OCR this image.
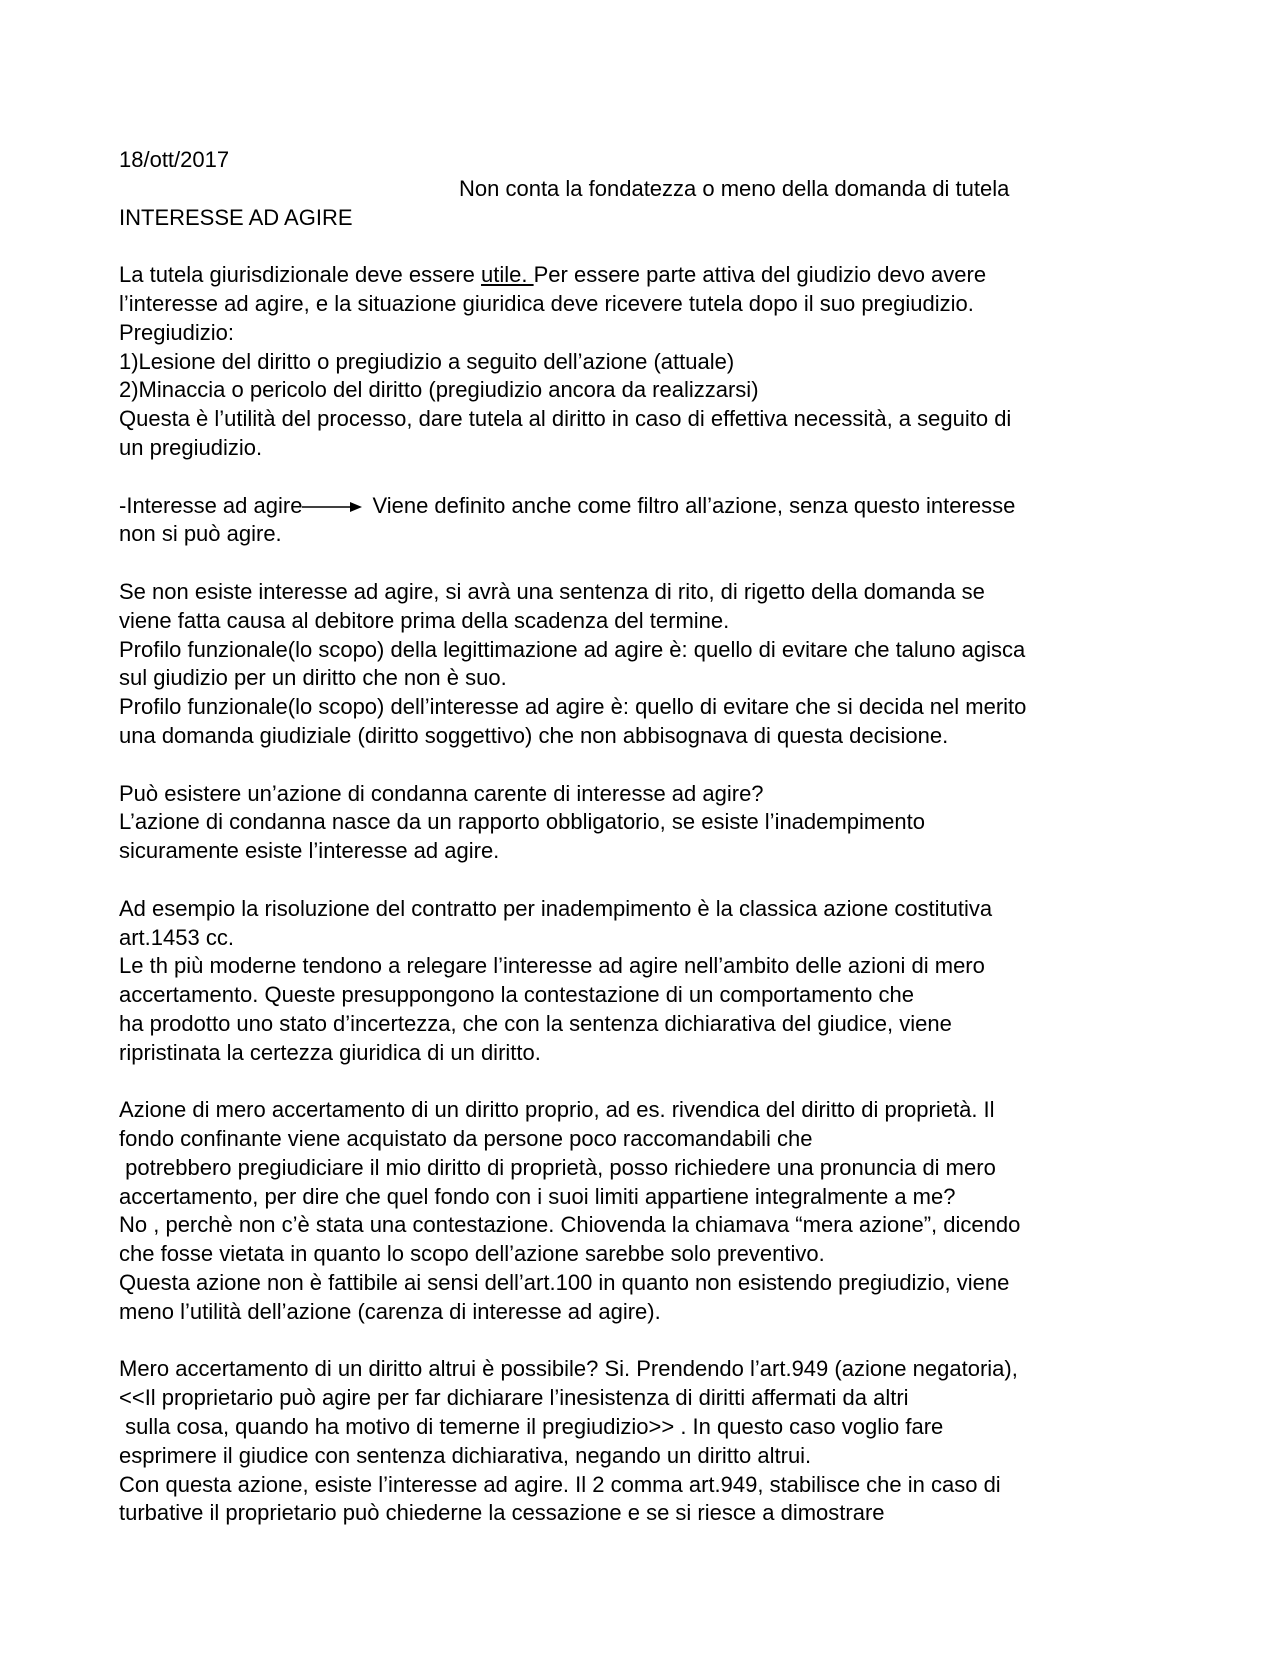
18/ott/2017
Non conta la fondatezza o meno della domanda di tutela
INTERESSE AD AGIRE
La tutela giurisdizionale deve essere utile. Per essere parte attiva del giudizio devo avere
l’interesse ad agire, e la situazione giuridica deve ricevere tutela dopo il suo pregiudizio.
Pregiudizio:
1)Lesione del diritto o pregiudizio a seguito dell’azione (attuale)
2)Minaccia o pericolo del diritto (pregiudizio ancora da realizzarsi)
Questa è l’utilità del processo, dare tutela al diritto in caso di effettiva necessità, a seguito di
un pregiudizio.
-Interesse ad agire	Viene definito anche come filtro all’azione, senza questo interesse
non si può agire.
Se non esiste interesse ad agire, si avrà una sentenza di rito, di rigetto della domanda se
viene fatta causa al debitore prima della scadenza del termine.
Profilo funzionale(lo scopo) della legittimazione ad agire è: quello di evitare che taluno agisca
sul giudizio per un diritto che non è suo.
Profilo funzionale(lo scopo) dell’interesse ad agire è: quello di evitare che si decida nel merito
una domanda giudiziale (diritto soggettivo) che non abbisognava di questa decisione.
Può esistere un’azione di condanna carente di interesse ad agire?
L’azione di condanna nasce da un rapporto obbligatorio, se esiste l’inadempimento
sicuramente esiste l’interesse ad agire.
Ad esempio la risoluzione del contratto per inadempimento è la classica azione costitutiva
art.1453 cc.
Le th più moderne tendono a relegare l’interesse ad agire nell’ambito delle azioni di mero
accertamento. Queste presuppongono la contestazione di un comportamento che
ha prodotto uno stato d’incertezza, che con la sentenza dichiarativa del giudice, viene
ripristinata la certezza giuridica di un diritto.
Azione di mero accertamento di un diritto proprio, ad es. rivendica del diritto di proprietà. Il
fondo confinante viene acquistato da persone poco raccomandabili che
potrebbero pregiudiciare il mio diritto di proprietà, posso richiedere una pronuncia di mero
accertamento, per dire che quel fondo con i suoi limiti appartiene integralmente a me?
No , perchè non c’è stata una contestazione. Chiovenda la chiamava “mera azione”, dicendo
che fosse vietata in quanto lo scopo dell’azione sarebbe solo preventivo.
Questa azione non è fattibile ai sensi dell’art.100 in quanto non esistendo pregiudizio, viene
meno l’utilità dell’azione (carenza di interesse ad agire).
Mero accertamento di un diritto altrui è possibile? Si. Prendendo l’art.949 (azione negatoria),
<<Il proprietario può agire per far dichiarare l’inesistenza di diritti affermati da altri
sulla cosa, quando ha motivo di temerne il pregiudizio>> . In questo caso voglio fare
esprimere il giudice con sentenza dichiarativa, negando un diritto altrui.
Con questa azione, esiste l’interesse ad agire. Il 2 comma art.949, stabilisce che in caso di
turbative il proprietario può chiederne la cessazione e se si riesce a dimostrare
